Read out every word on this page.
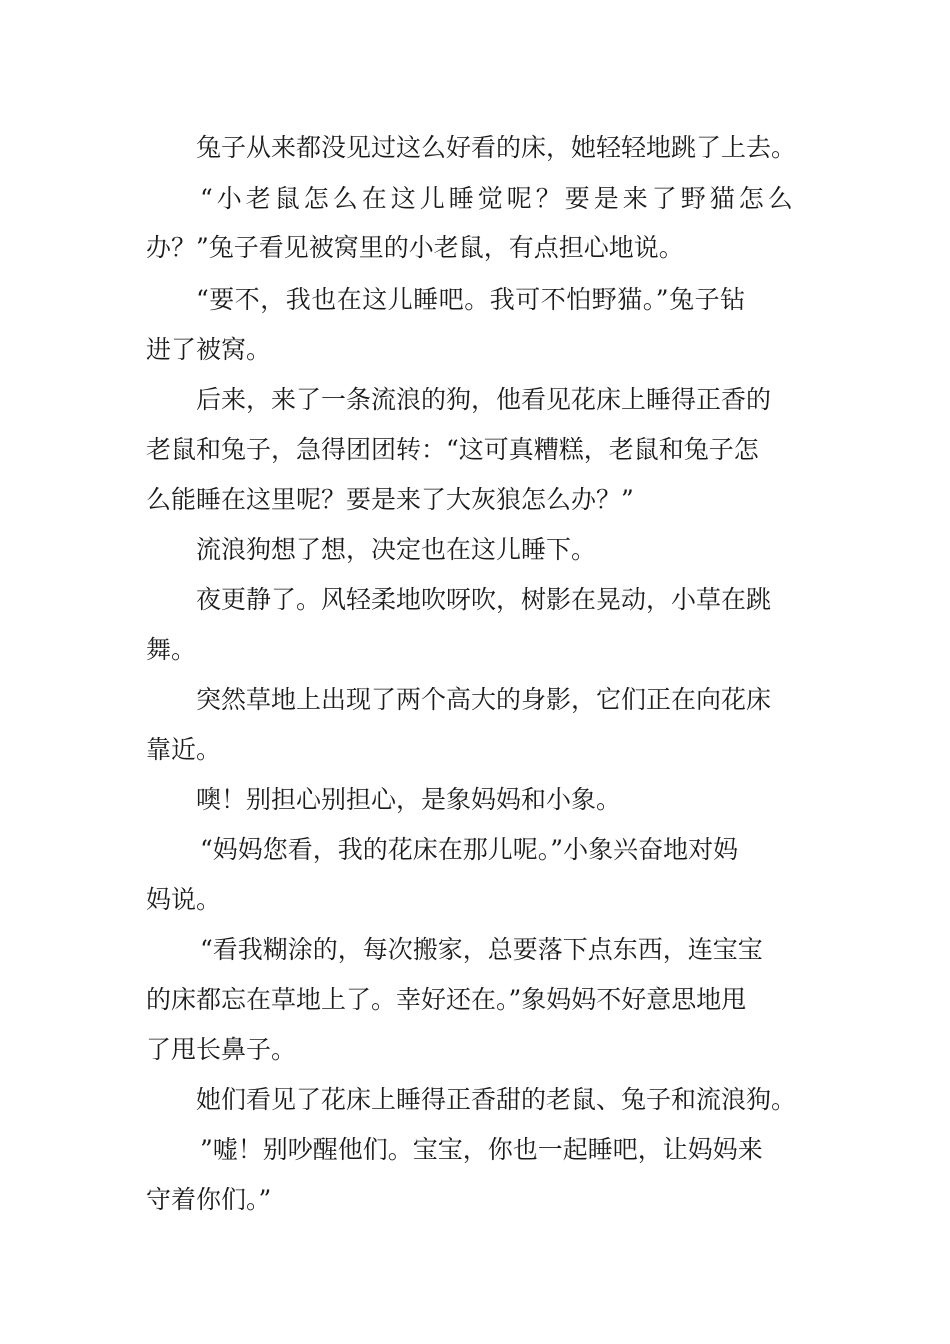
兔子从来都没见过这么好看的床，她轻轻地跳了上去。

“小老鼠怎么在这儿睡觉呢？要是来了野猫怎么

办？”兔子看见被窝里的小老鼠，有点担心地说。

“要不，我也在这儿睡吧。我可不怕野猫。”兔子钻

进了被窝。

后来，来了一条流浪的狗，他看见花床上睡得正香的

老鼠和兔子，急得团团转：“这可真糟糕，老鼠和兔子怎

么能睡在这里呢？要是来了大灰狼怎么办？”

流浪狗想了想，决定也在这儿睡下。

夜更静了。风轻柔地吹呀吹，树影在晃动，小草在跳

舞。

突然草地上出现了两个高大的身影，它们正在向花床

靠近。

噢！别担心别担心，是象妈妈和小象。

“妈妈您看，我的花床在那儿呢。”小象兴奋地对妈

妈说。

“看我糊涂的，每次搬家，总要落下点东西，连宝宝

的床都忘在草地上了。幸好还在。”象妈妈不好意思地甩

了甩长鼻子。

她们看见了花床上睡得正香甜的老鼠、兔子和流浪狗。

”嘘！别吵醒他们。宝宝，你也一起睡吧，让妈妈来

守着你们。”
